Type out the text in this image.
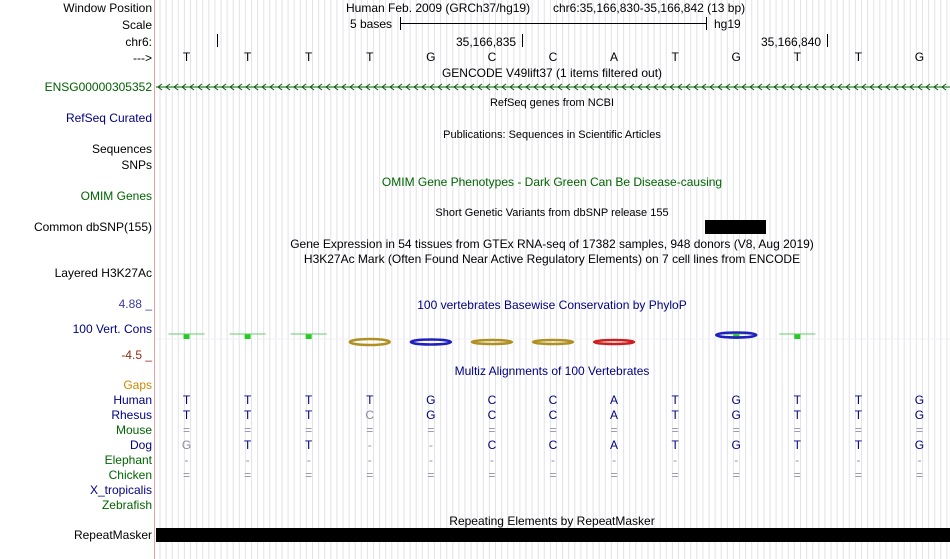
Window Position
Scale
chr6:
--->
Human Feb. 2009 (GRCh37/hg19) chr6:35,166,830-35,166,842 (13 bp)
5 bases	hg19
35,166,835	35,166,840
T	T	T	T	G	C	C	A	T	G	T	T	G
GENCODE V49lift37 (1 items filtered out)
ENSG00000305352
RefSeq genes from NCBI
RefSeq Curated
Publications: Sequences in Scientific Articles
Sequences
SNPs
OMIM Gene Phenotypes - Dark Green Can Be Disease-causing
OMIM Genes
Short Genetic Variants from dbSNP release 155
Common dbSNP(155)
Gene Expression in 54 tissues from GTEx RNA-seq of 17382 samples, 948 donors (V8, Aug 2019)
H3K27Ac Mark (Often Found Near Active Regulatory Elements) on 7 cell lines from ENCODE
Layered H3K27Ac
100 vertebrates Basewise Conservation by PhyloP
4.88 _
100 Vert. Cons
-4.5 _
Multiz Alignments of 100 Vertebrates
Gaps
Human	T	T	T	T	G	C	C	A	T	G	T	T	G
Rhesus	T	T	T	C	G	C	C	A	T	G	T	T	G
Mouse	=	=	=	=	=	=	=	=	=	=	=	=	=
Dog G	T	T	-	-	C	C	A	T	G	T	T	G
Elephant	-	-	-	-	-	-	-	-	-	-	-	-	-
Chicken	=	=	=	=	=	=	=	=	=	=	=	=	=
X_tropicalis
Zebrafish
Repeating Elements by RepeatMasker
RepeatMasker
